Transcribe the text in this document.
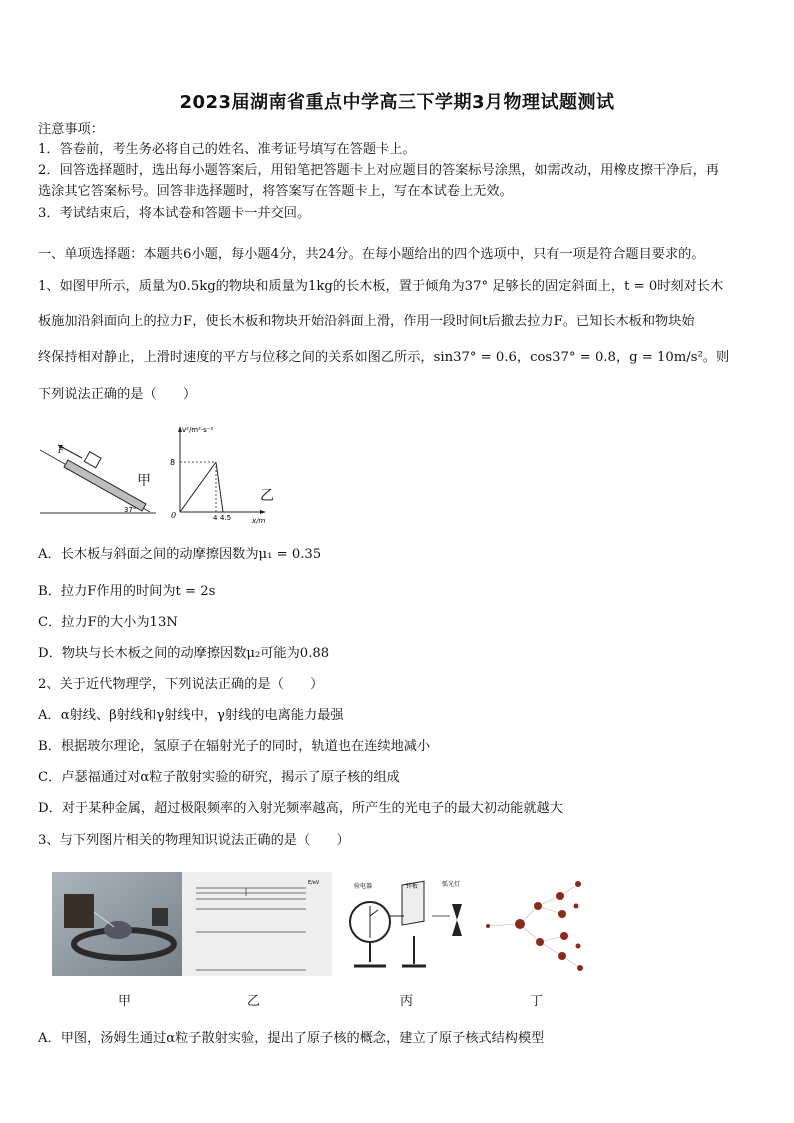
2023届湖南省重点中学高三下学期3月物理试题测试
注意事项：
1．答卷前，考生务必将自己的姓名、准考证号填写在答题卡上。
2．回答选择题时，选出每小题答案后，用铅笔把答题卡上对应题目的答案标号涂黑，如需改动，用橡皮擦干净后，再
选涂其它答案标号。回答非选择题时，将答案写在答题卡上，写在本试卷上无效。
3．考试结束后，将本试卷和答题卡一并交回。
一、单项选择题：本题共6小题，每小题4分，共24分。在每小题给出的四个选项中，只有一项是符合题目要求的。
1、如图甲所示，质量为0.5kg的物块和质量为1kg的长木板，置于倾角为37° 足够长的固定斜面上，t = 0时刻对长木
板施加沿斜面向上的拉力F，使长木板和物块开始沿斜面上滑，作用一段时间t后撤去拉力F。已知长木板和物块始
终保持相对静止，上滑时速度的平方与位移之间的关系如图乙所示，sin37° = 0.6，cos37° = 0.8，g = 10m/s²。则
下列说法正确的是（　　）
F
37°
甲
v²/m²·s⁻²
8
0	4 4.5	x/m
乙
A．长木板与斜面之间的动摩擦因数为μ₁ = 0.35
B．拉力F作用的时间为t = 2s
C．拉力F的大小为13N
D．物块与长木板之间的动摩擦因数μ₂可能为0.88
2、关于近代物理学，下列说法正确的是（　　）
A．α射线、β射线和γ射线中，γ射线的电离能力最强
B．根据玻尔理论，氢原子在辐射光子的同时，轨道也在连续地减小
C．卢瑟福通过对α粒子散射实验的研究，揭示了原子核的组成
D．对于某种金属，超过极限频率的入射光频率越高，所产生的光电子的最大初动能就越大
3、与下列图片相关的物理知识说法正确的是（　　）
E/eV	验电器	锌板	弧光灯
甲	乙	丙	丁
A．甲图，汤姆生通过α粒子散射实验，提出了原子核的概念，建立了原子核式结构模型
